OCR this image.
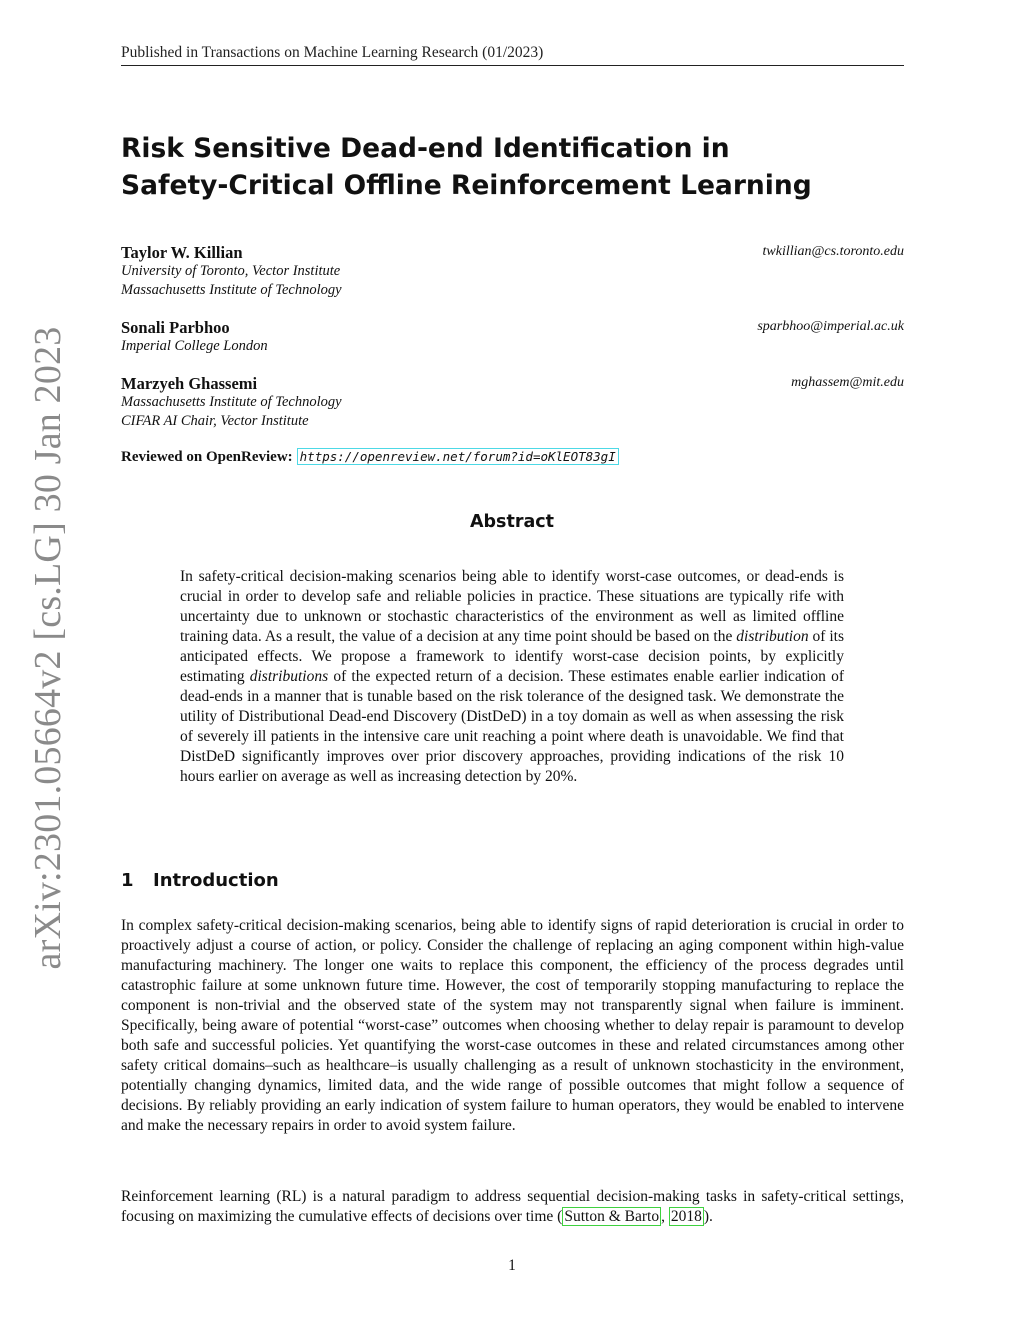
Published in Transactions on Machine Learning Research (01/2023)
arXiv:2301.05664v2 [cs.LG] 30 Jan 2023
Risk Sensitive Dead-end Identification in
Safety-Critical Offline Reinforcement Learning
Taylor W. Killian	twkillian@cs.toronto.edu
University of Toronto, Vector Institute
Massachusetts Institute of Technology
Sonali Parbhoo	sparbhoo@imperial.ac.uk
Imperial College London
Marzyeh Ghassemi	mghassem@mit.edu
Massachusetts Institute of Technology
CIFAR AI Chair, Vector Institute
Reviewed on OpenReview: https://openreview.net/forum?id=oKlEOT83gI
Abstract

In safety-critical decision-making scenarios being able to identify worst-case outcomes, or dead-ends is crucial in order to develop safe and reliable policies in practice. These situations are typically rife with uncertainty due to unknown or stochastic characteristics of the environment as well as limited offline training data. As a result, the value of a decision at any time point should be based on the distribution of its anticipated effects. We propose a framework to identify worst-case decision points, by explicitly estimating distributions of the expected return of a decision. These estimates enable earlier indication of dead-ends in a manner that is tunable based on the risk tolerance of the designed task. We demonstrate the utility of Distributional Dead-end Discovery (DistDeD) in a toy domain as well as when assessing the risk of severely ill patients in the intensive care unit reaching a point where death is unavoidable. We find that DistDeD significantly improves over prior discovery approaches, providing indications of the risk 10 hours earlier on average as well as increasing detection by 20%.

1 Introduction

In complex safety-critical decision-making scenarios, being able to identify signs of rapid deterioration is crucial in order to proactively adjust a course of action, or policy. Consider the challenge of replacing an aging component within high-value manufacturing machinery. The longer one waits to replace this component, the efficiency of the process degrades until catastrophic failure at some unknown future time. However, the cost of temporarily stopping manufacturing to replace the component is non-trivial and the observed state of the system may not transparently signal when failure is imminent. Specifically, being aware of potential “worst-case” outcomes when choosing whether to delay repair is paramount to develop both safe and successful policies. Yet quantifying the worst-case outcomes in these and related circumstances among other safety critical domains–such as healthcare–is usually challenging as a result of unknown stochasticity in the environment, potentially changing dynamics, limited data, and the wide range of possible outcomes that might follow a sequence of decisions. By reliably providing an early indication of system failure to human operators, they would be enabled to intervene and make the necessary repairs in order to avoid system failure.

Reinforcement learning (RL) is a natural paradigm to address sequential decision-making tasks in safety-critical settings, focusing on maximizing the cumulative effects of decisions over time ( Sutton & Barto , 2018 ).

1
